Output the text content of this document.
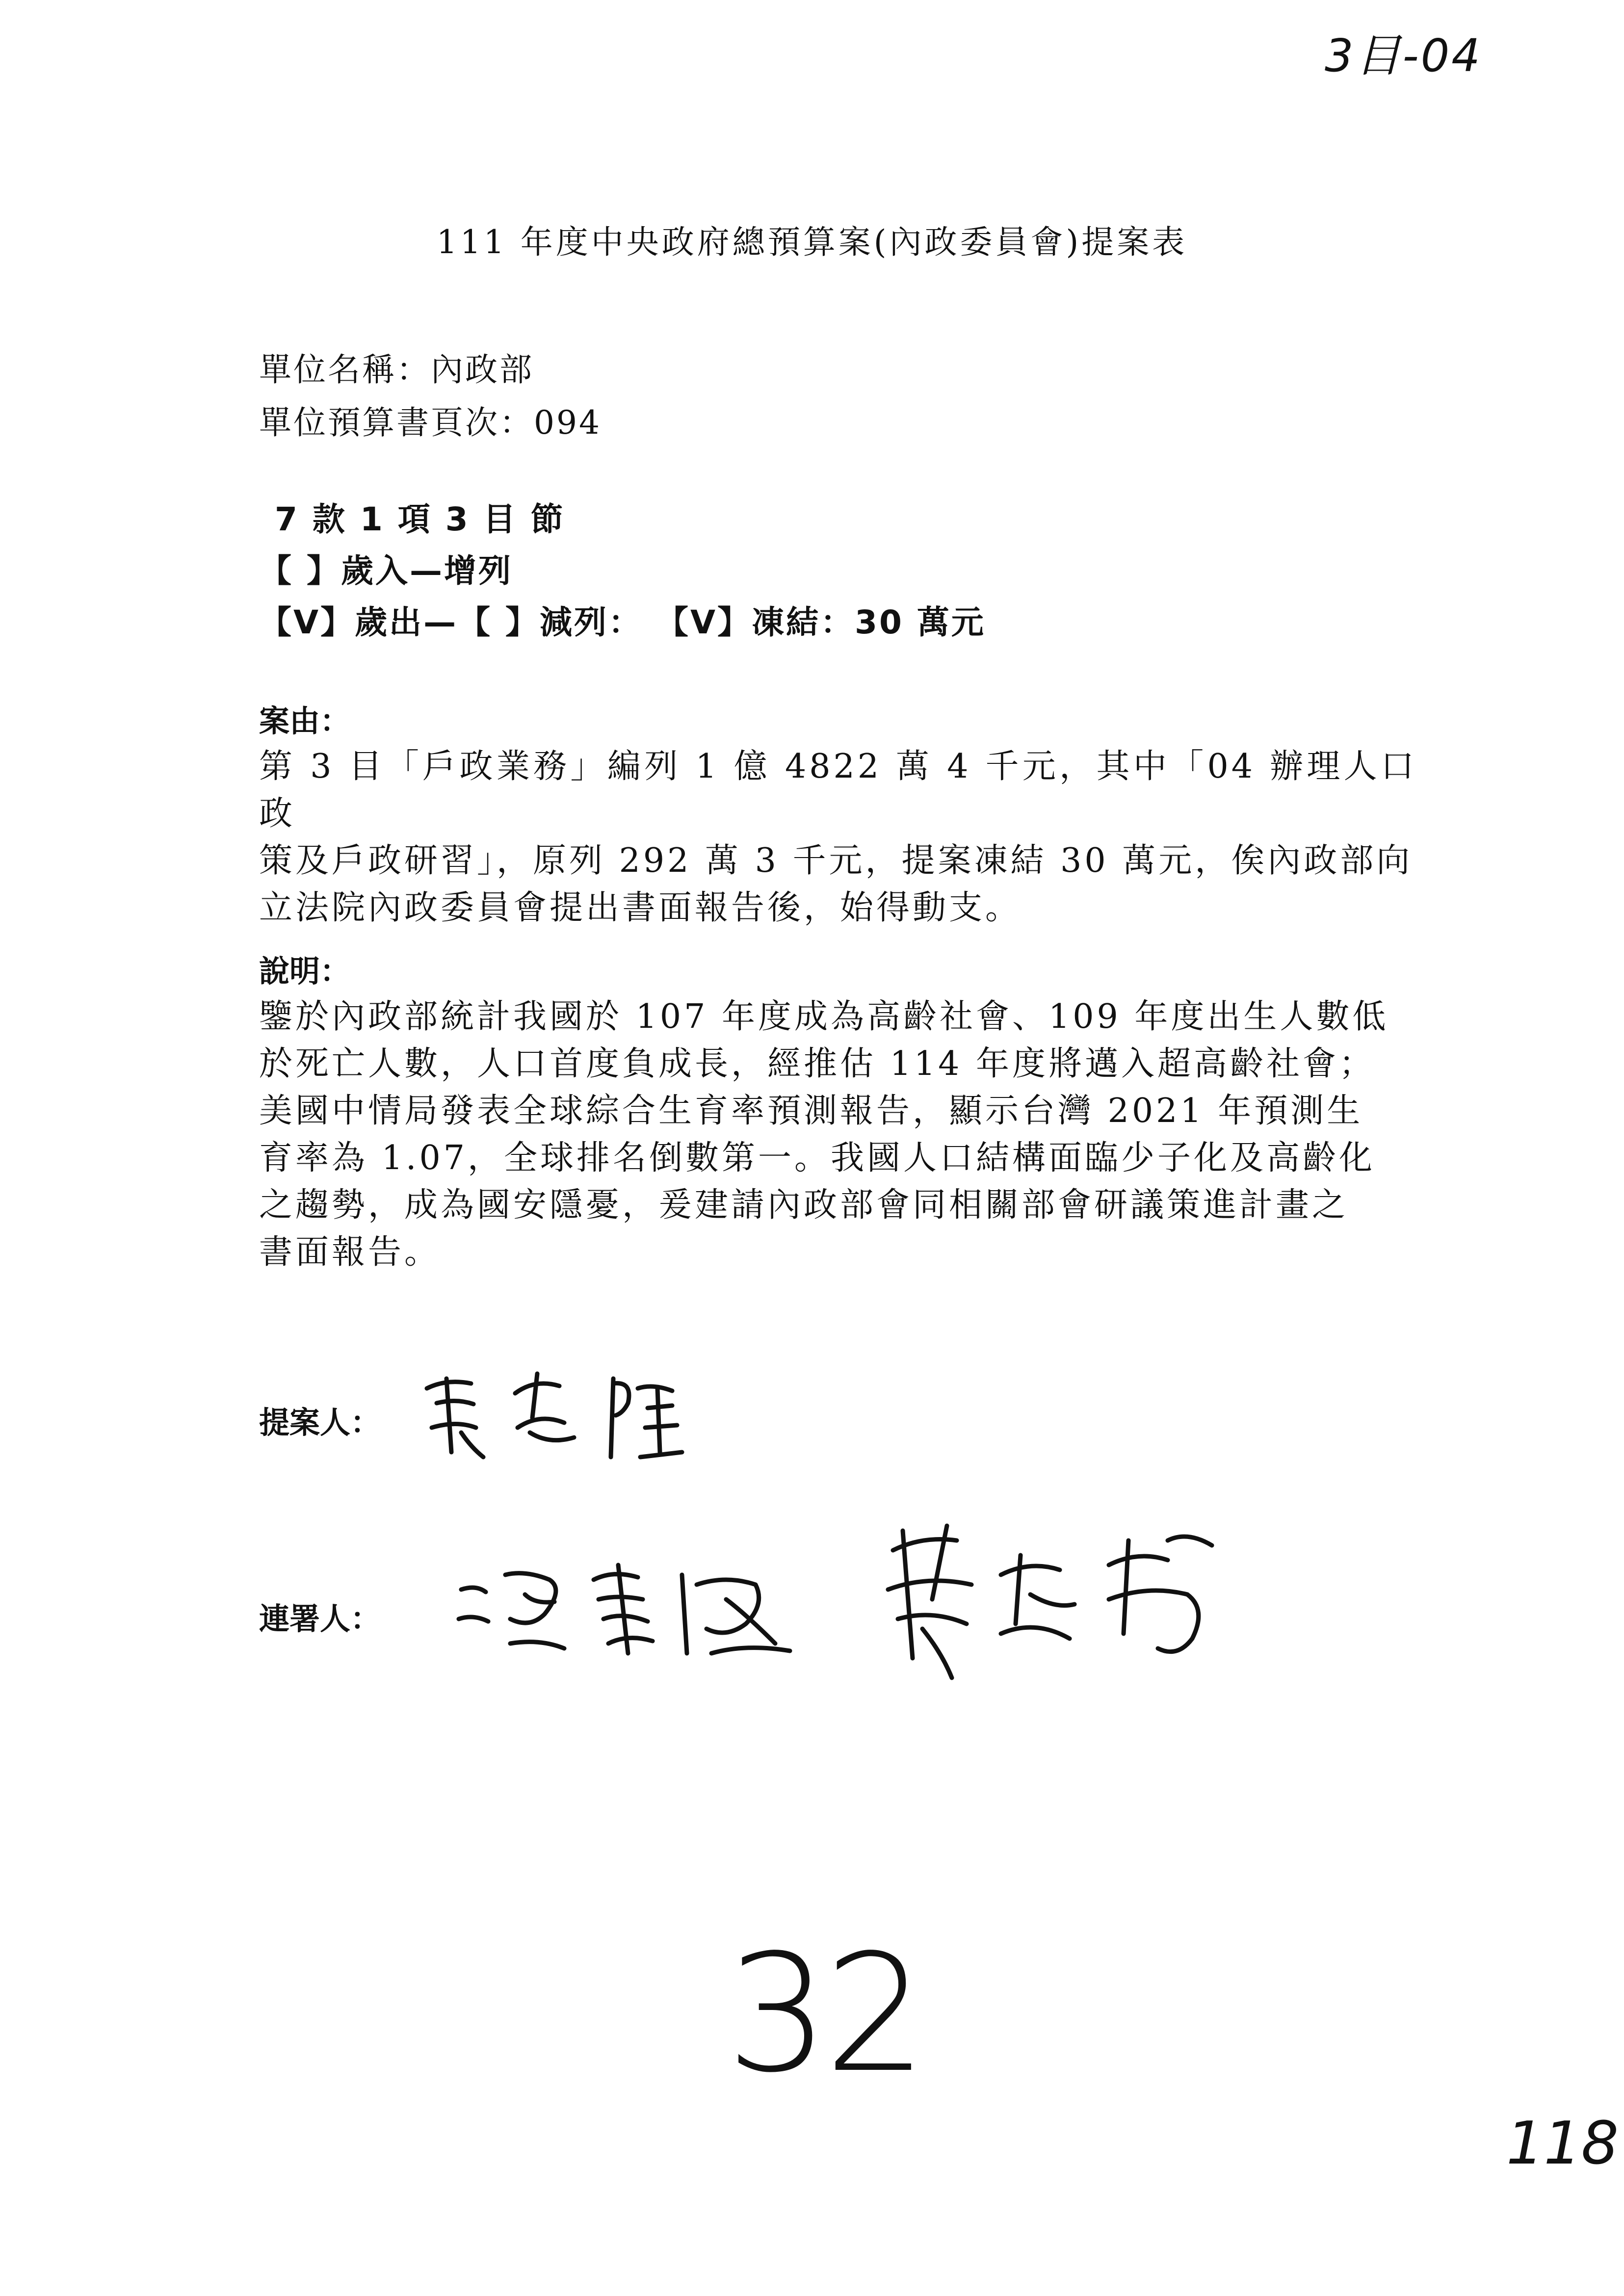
3目-04
111 年度中央政府總預算案(內政委員會)提案表
單位名稱：內政部
單位預算書頁次：094
7 款 1 項 3 目 節
【 】歲入—增列
【V】歲出—【 】減列： 【V】凍結：30 萬元
案由：
第 3 目「戶政業務」編列 1 億 4822 萬 4 千元，其中「04 辦理人口政
策及戶政研習」，原列 292 萬 3 千元，提案凍結 30 萬元，俟內政部向
立法院內政委員會提出書面報告後，始得動支。
說明：
鑒於內政部統計我國於 107 年度成為高齡社會、109 年度出生人數低
於死亡人數，人口首度負成長，經推估 114 年度將邁入超高齡社會；
美國中情局發表全球綜合生育率預測報告，顯示台灣 2021 年預測生
育率為 1.07，全球排名倒數第一。我國人口結構面臨少子化及高齡化
之趨勢，成為國安隱憂，爰建請內政部會同相關部會研議策進計畫之
書面報告。
提案人：
連署人：
32
118
